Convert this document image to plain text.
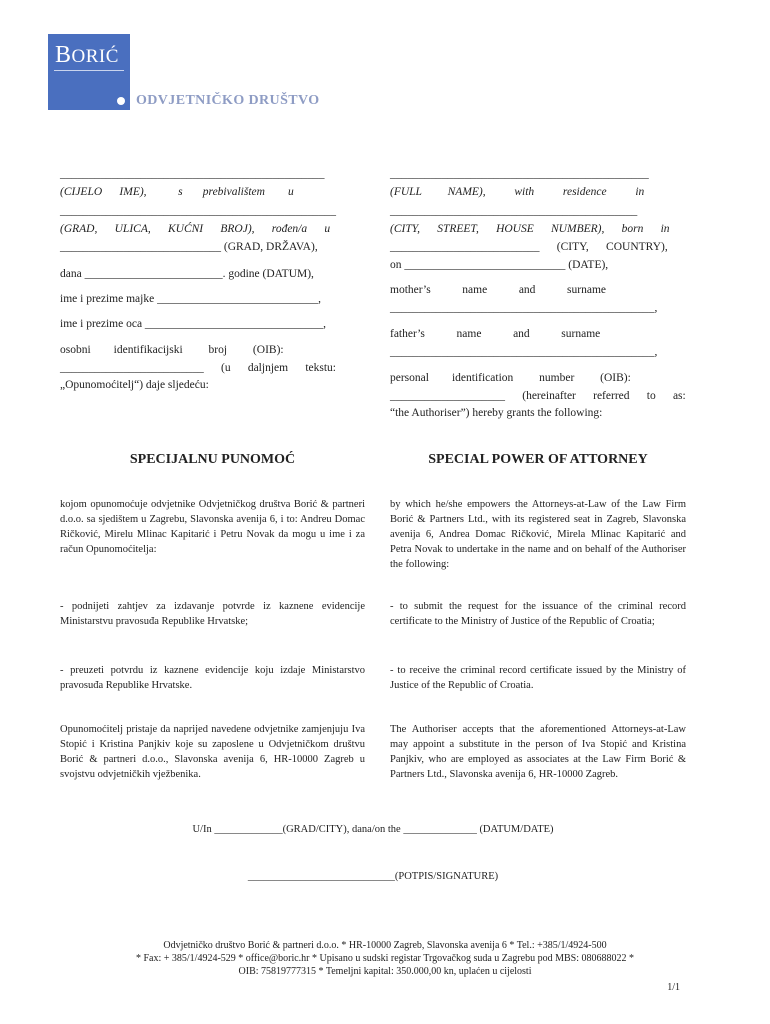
BORIĆ
ODVJETNIČKO DRUŠTVO
______________________________________________
(CIJELO      IME),           s       prebivalištem        u
________________________________________________
(GRAD,      ULICA,      KUĆNI      BROJ),      rođen/a      u
____________________________ (GRAD, DRŽAVA),
dana ________________________. godine (DATUM),
ime i prezime majke ____________________________,
ime i prezime oca _______________________________,
osobni        identifikacijski         broj         (OIB):
_________________________      (u      daljnjem      tekstu:
„Opunomoćitelj“) daje sljedeću:
_____________________________________________
(FULL         NAME),          with          residence          in
___________________________________________
(CITY,      STREET,      HOUSE      NUMBER),      born      in
__________________________      (CITY,      COUNTRY),
on ____________________________ (DATE),
mother’s           name           and           surname
______________________________________________,
father’s           name           and           surname
______________________________________________,
personal        identification         number         (OIB):
____________________      (hereinafter      referred      to      as:
“the Authoriser”) hereby grants the following:
SPECIJALNU PUNOMOĆ	SPECIAL POWER OF ATTORNEY
kojom opunomoćuje odvjetnike Odvjetničkog društva Borić & partneri d.o.o. sa sjedištem u Zagrebu, Slavonska avenija 6, i to: Andreu Domac Ričković, Mirelu Mlinac Kapitarić i Petru Novak da mogu u ime i za račun Opunomoćitelja:
- podnijeti zahtjev za izdavanje potvrde iz kaznene evidencije Ministarstvu pravosuđa Republike Hrvatske;
- preuzeti potvrdu iz kaznene evidencije koju izdaje Ministarstvo pravosuđa Republike Hrvatske.
Opunomoćitelj pristaje da naprijed navedene odvjetnike zamjenjuju Iva Stopić i Kristina Panjkiv koje su zaposlene u Odvjetničkom društvu Borić & partneri d.o.o., Slavonska avenija 6, HR-10000 Zagreb u svojstvu odvjetničkih vježbenika.
by which he/she empowers the Attorneys-at-Law of the Law Firm Borić & Partners Ltd., with its registered seat in Zagreb, Slavonska avenija 6, Andrea Domac Ričković, Mirela Mlinac Kapitarić and Petra Novak to undertake in the name and on behalf of the Authoriser the following:
- to submit the request for the issuance of the criminal record certificate to the Ministry of Justice of the Republic of Croatia;
- to receive the criminal record certificate issued by the Ministry of Justice of the Republic of Croatia.
The Authoriser accepts that the aforementioned Attorneys-at-Law may appoint a substitute in the person of Iva Stopić and Kristina Panjkiv, who are employed as associates at the Law Firm Borić & Partners Ltd., Slavonska avenija 6, HR-10000 Zagreb.
U/In _____________(GRAD/CITY), dana/on the ______________ (DATUM/DATE)
____________________________(POTPIS/SIGNATURE)
Odvjetničko društvo Borić & partneri d.o.o. * HR-10000 Zagreb, Slavonska avenija 6 * Tel.: +385/1/4924-500
* Fax: + 385/1/4924-529 * office@boric.hr * Upisano u sudski registar Trgovačkog suda u Zagrebu pod MBS: 080688022 *
OIB: 75819777315 * Temeljni kapital: 350.000,00 kn, uplaćen u cijelosti
1/1
